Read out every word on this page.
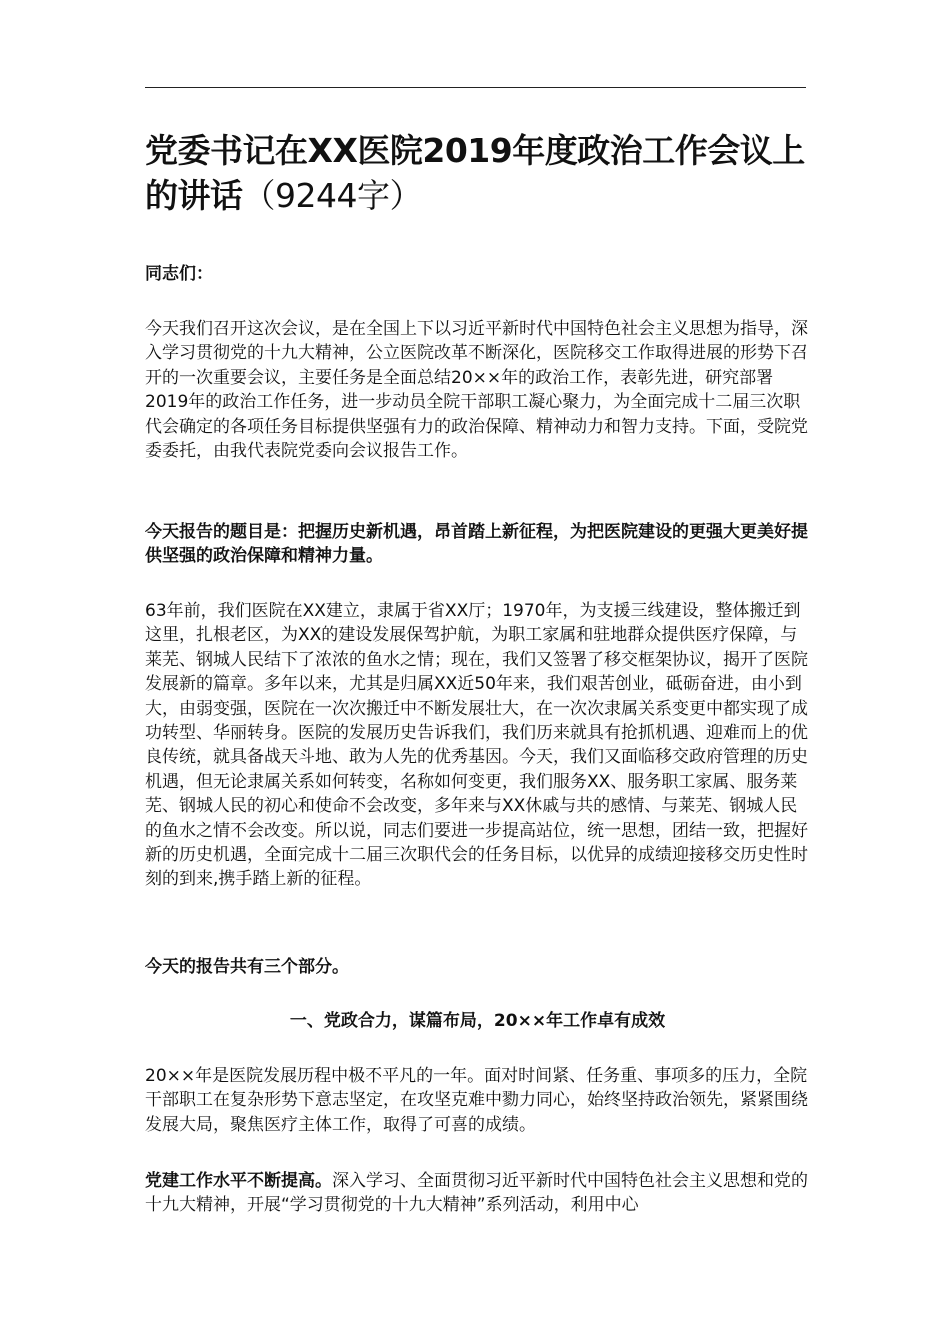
党委书记在XX医院2019年度政治工作会议上的讲话（9244字）

同志们：

今天我们召开这次会议，是在全国上下以习近平新时代中国特色社会主义思想为指导，深入学习贯彻党的十九大精神，公立医院改革不断深化，医院移交工作取得进展的形势下召开的一次重要会议，主要任务是全面总结20××年的政治工作，表彰先进，研究部署2019年的政治工作任务，进一步动员全院干部职工凝心聚力，为全面完成十二届三次职代会确定的各项任务目标提供坚强有力的政治保障、精神动力和智力支持。下面，受院党委委托，由我代表院党委向会议报告工作。

今天报告的题目是：把握历史新机遇，昂首踏上新征程，为把医院建设的更强大更美好提供坚强的政治保障和精神力量。

63年前，我们医院在XX建立，隶属于省XX厅；1970年，为支援三线建设，整体搬迁到这里，扎根老区，为XX的建设发展保驾护航，为职工家属和驻地群众提供医疗保障，与莱芜、钢城人民结下了浓浓的鱼水之情；现在，我们又签署了移交框架协议，揭开了医院发展新的篇章。多年以来，尤其是归属XX近50年来，我们艰苦创业，砥砺奋进，由小到大，由弱变强，医院在一次次搬迁中不断发展壮大，在一次次隶属关系变更中都实现了成功转型、华丽转身。医院的发展历史告诉我们，我们历来就具有抢抓机遇、迎难而上的优良传统，就具备战天斗地、敢为人先的优秀基因。今天，我们又面临移交政府管理的历史机遇，但无论隶属关系如何转变，名称如何变更，我们服务XX、服务职工家属、服务莱芜、钢城人民的初心和使命不会改变，多年来与XX休戚与共的感情、与莱芜、钢城人民的鱼水之情不会改变。所以说，同志们要进一步提高站位，统一思想，团结一致，把握好新的历史机遇，全面完成十二届三次职代会的任务目标，以优异的成绩迎接移交历史性时刻的到来,携手踏上新的征程。

今天的报告共有三个部分。

一、党政合力，谋篇布局，20××年工作卓有成效

20××年是医院发展历程中极不平凡的一年。面对时间紧、任务重、事项多的压力，全院干部职工在复杂形势下意志坚定，在攻坚克难中勠力同心，始终坚持政治领先，紧紧围绕发展大局，聚焦医疗主体工作，取得了可喜的成绩。

党建工作水平不断提高。深入学习、全面贯彻习近平新时代中国特色社会主义思想和党的十九大精神，开展“学习贯彻党的十九大精神”系列活动，利用中心
